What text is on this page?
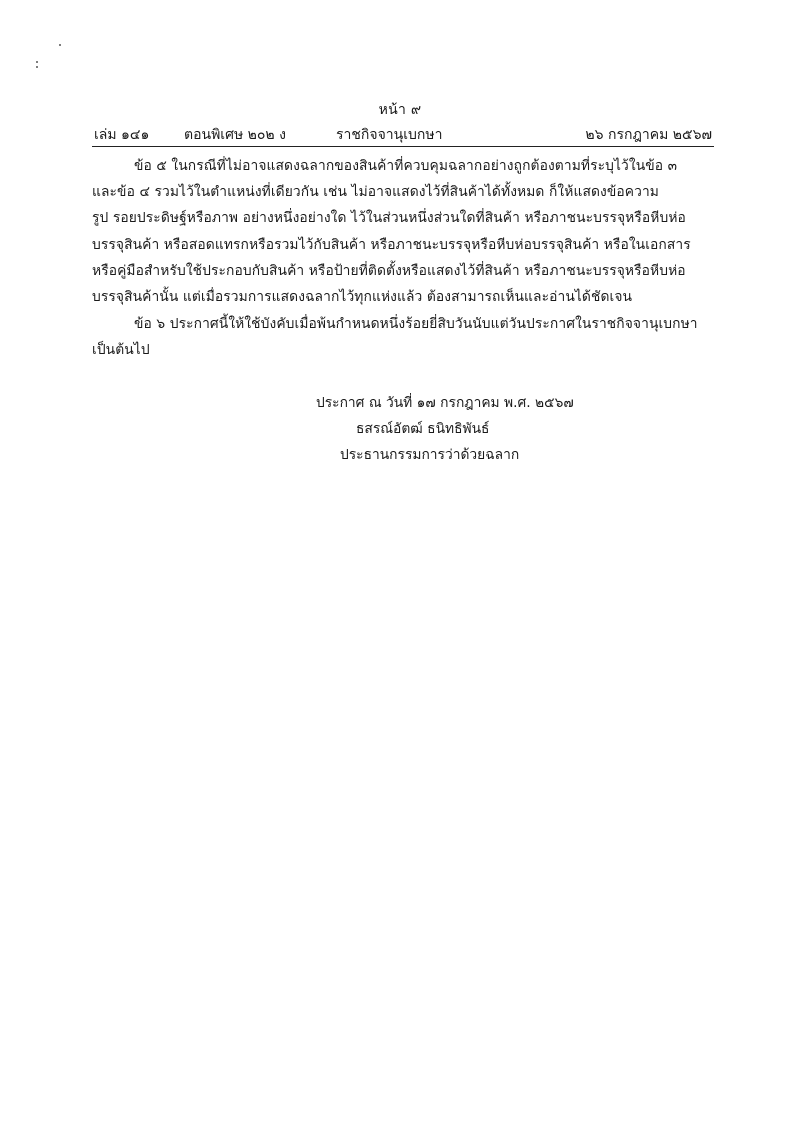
หน้า ๙
เล่ม ๑๔๑ ตอนพิเศษ ๒๐๒ ง	ราชกิจจานุเบกษา	๒๖ กรกฎาคม ๒๕๖๗
ข้อ ๕ ในกรณีที่ไม่อาจแสดงฉลากของสินค้าที่ควบคุมฉลากอย่างถูกต้องตามที่ระบุไว้ในข้อ ๓
และข้อ ๔ รวมไว้ในตำแหน่งที่เดียวกัน เช่น ไม่อาจแสดงไว้ที่สินค้าได้ทั้งหมด ก็ให้แสดงข้อความ
รูป รอยประดิษฐ์หรือภาพ อย่างหนึ่งอย่างใด ไว้ในส่วนหนึ่งส่วนใดที่สินค้า หรือภาชนะบรรจุหรือหีบห่อ
บรรจุสินค้า หรือสอดแทรกหรือรวมไว้กับสินค้า หรือภาชนะบรรจุหรือหีบห่อบรรจุสินค้า หรือในเอกสาร
หรือคู่มือสำหรับใช้ประกอบกับสินค้า หรือป้ายที่ติดตั้งหรือแสดงไว้ที่สินค้า หรือภาชนะบรรจุหรือหีบห่อ
บรรจุสินค้านั้น แต่เมื่อรวมการแสดงฉลากไว้ทุกแห่งแล้ว ต้องสามารถเห็นและอ่านได้ชัดเจน
ข้อ ๖ ประกาศนี้ให้ใช้บังคับเมื่อพ้นกำหนดหนึ่งร้อยยี่สิบวันนับแต่วันประกาศในราชกิจจานุเบกษา
เป็นต้นไป
ประกาศ ณ วันที่ ๑๗ กรกฎาคม พ.ศ. ๒๕๖๗
ธสรณ์อัตฒ์ ธนิทธิพันธ์
ประธานกรรมการว่าด้วยฉลาก
